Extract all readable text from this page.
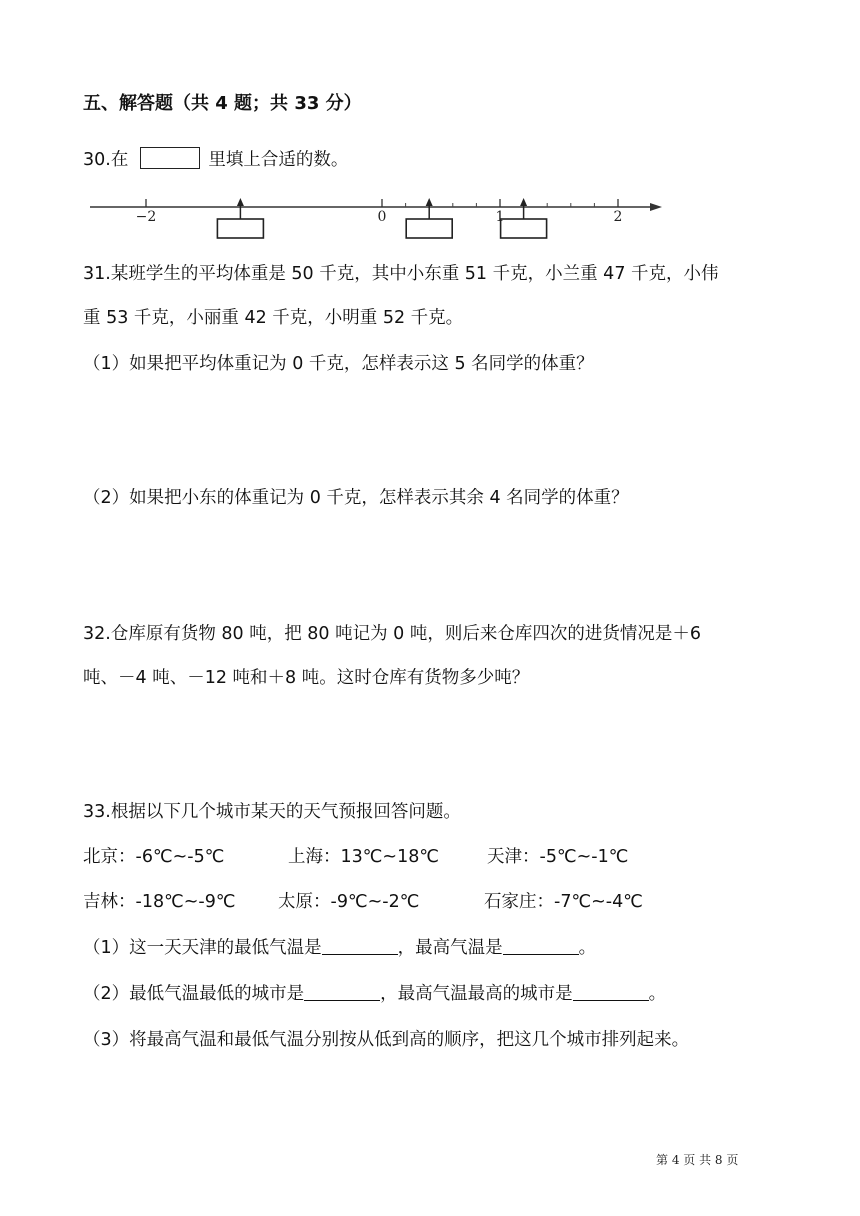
五、解答题（共 4 题；共 33 分）
30.在	里填上合适的数。
−2	0	1	2
31.某班学生的平均体重是 50 千克，其中小东重 51 千克，小兰重 47 千克，小伟
重 53 千克，小丽重 42 千克，小明重 52 千克。
（1）如果把平均体重记为 0 千克，怎样表示这 5 名同学的体重？
（2）如果把小东的体重记为 0 千克，怎样表示其余 4 名同学的体重？
32.仓库原有货物 80 吨，把 80 吨记为 0 吨，则后来仓库四次的进货情况是＋6
吨、－4 吨、－12 吨和＋8 吨。这时仓库有货物多少吨？
33.根据以下几个城市某天的天气预报回答问题。
北京：-6℃~-5℃	上海：13℃~18℃	天津：-5℃~-1℃
吉林：-18℃~-9℃ 太原：-9℃~-2℃	石家庄：-7℃~-4℃
（1）这一天天津的最低气温是	，最高气温是	。
（2）最低气温最低的城市是	，最高气温最高的城市是	。
（3）将最高气温和最低气温分别按从低到高的顺序，把这几个城市排列起来。
第 4 页 共 8 页
